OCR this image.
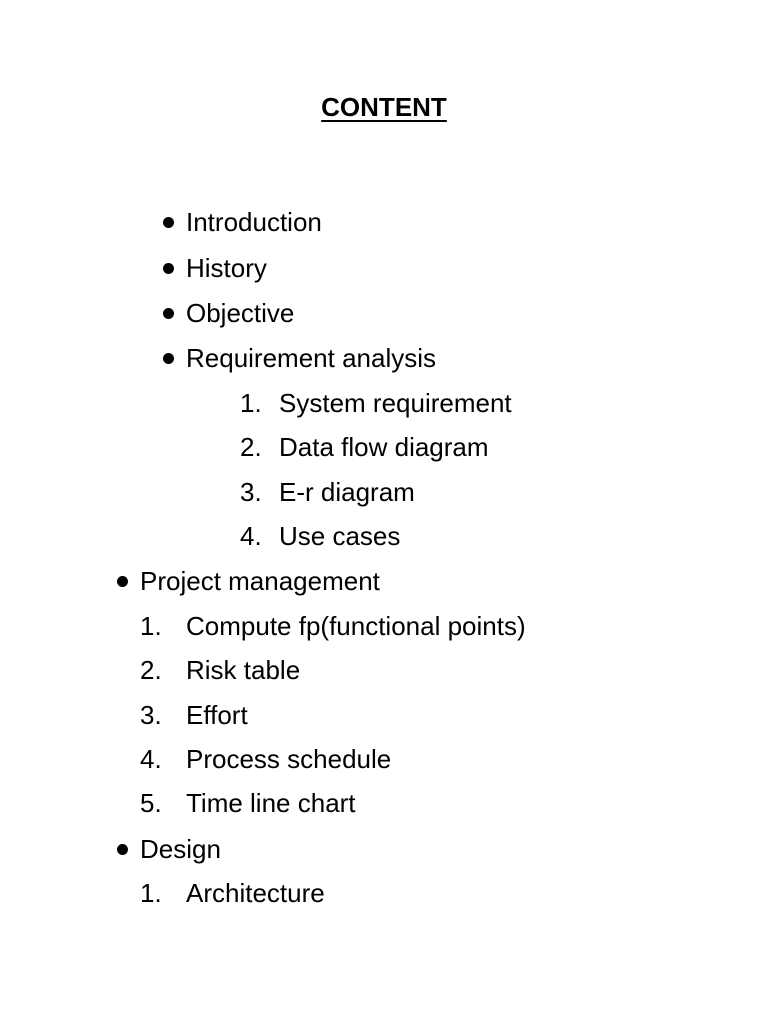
CONTENT
Introduction
History
Objective
Requirement analysis
1. System requirement
2. Data flow diagram
3. E-r diagram
4. Use cases
Project management
1. Compute fp(functional points)
2. Risk table
3. Effort
4. Process schedule
5. Time line chart
Design
1. Architecture
